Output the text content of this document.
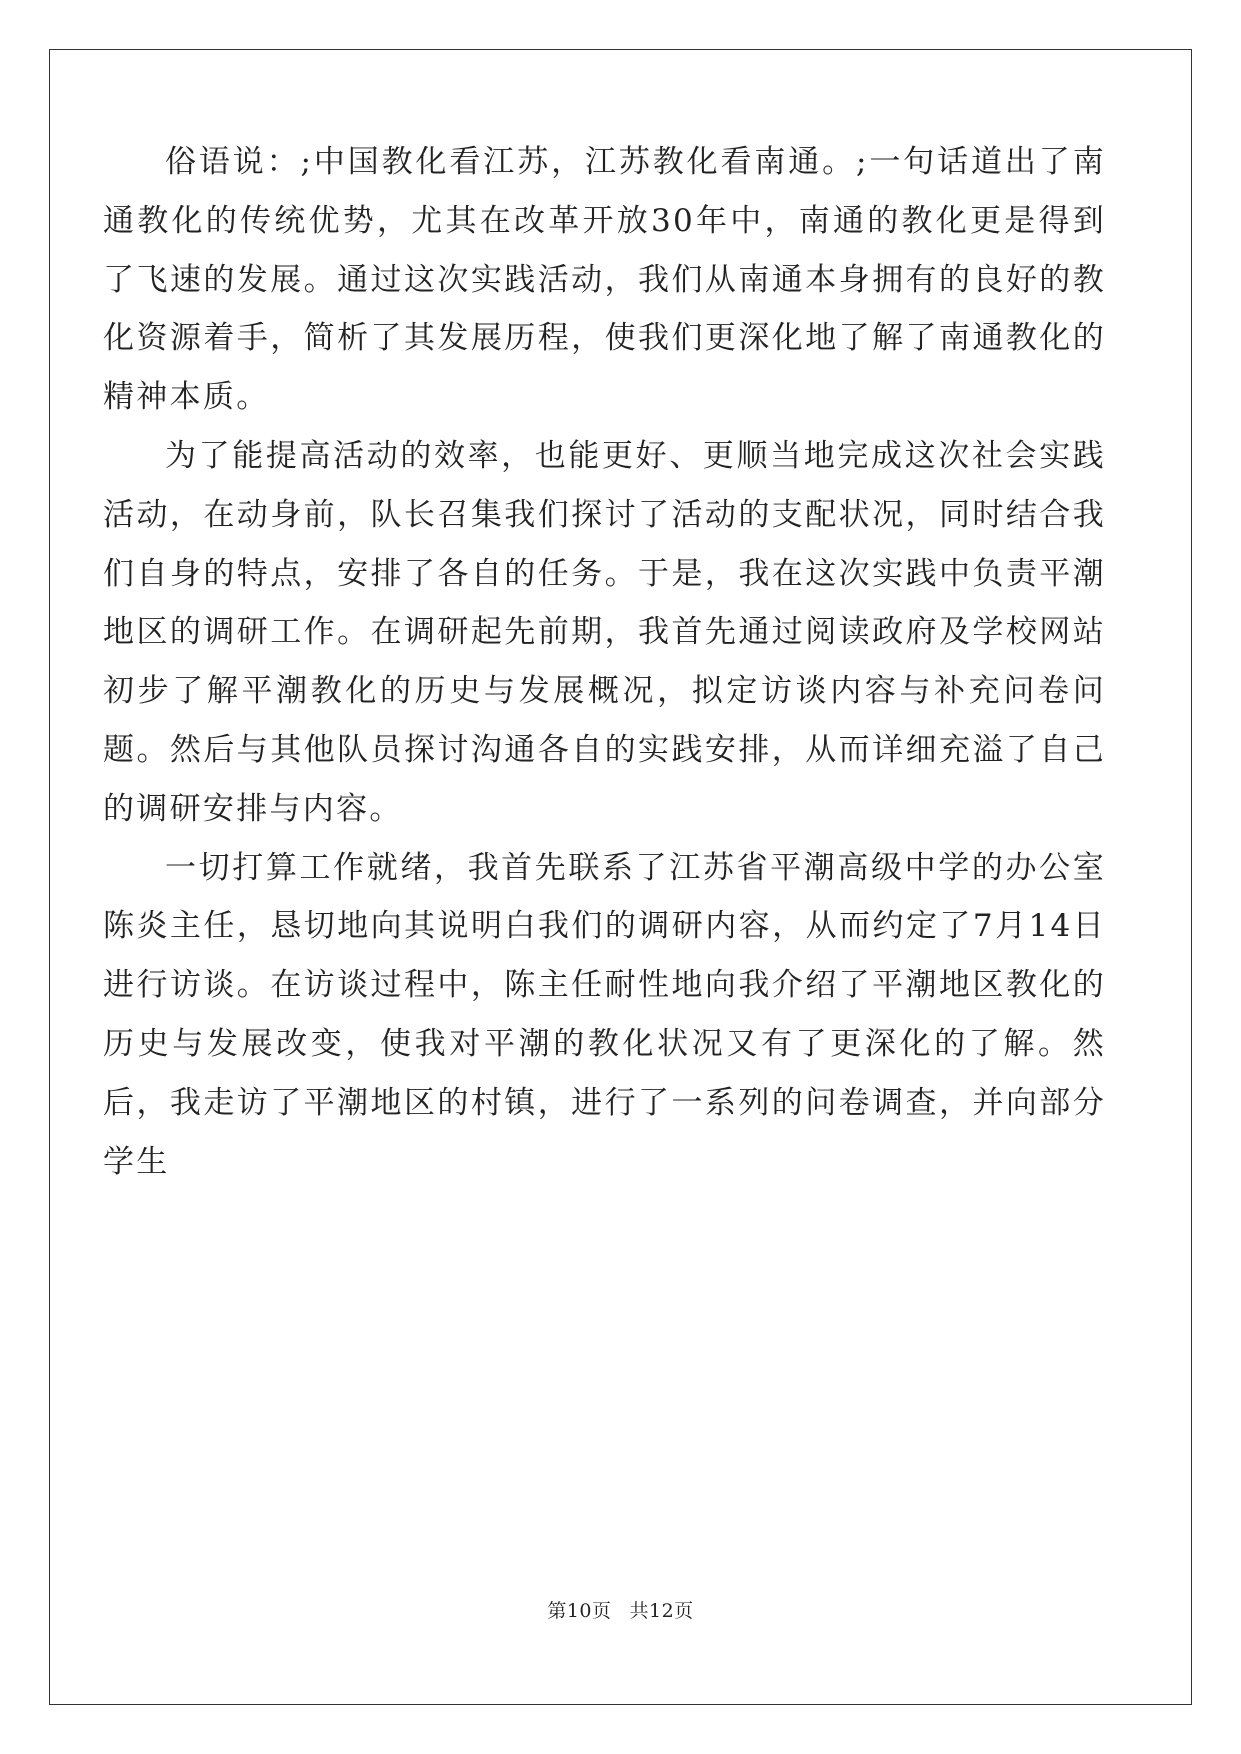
俗语说：;中国教化看江苏，江苏教化看南通。;一句话道出了南通教化的传统优势，尤其在改革开放30年中，南通的教化更是得到了飞速的发展。通过这次实践活动，我们从南通本身拥有的良好的教化资源着手，简析了其发展历程，使我们更深化地了解了南通教化的精神本质。

为了能提高活动的效率，也能更好、更顺当地完成这次社会实践活动，在动身前，队长召集我们探讨了活动的支配状况，同时结合我们自身的特点，安排了各自的任务。于是，我在这次实践中负责平潮地区的调研工作。在调研起先前期，我首先通过阅读政府及学校网站初步了解平潮教化的历史与发展概况，拟定访谈内容与补充问卷问题。然后与其他队员探讨沟通各自的实践安排，从而详细充溢了自己的调研安排与内容。

一切打算工作就绪，我首先联系了江苏省平潮高级中学的办公室陈炎主任，恳切地向其说明白我们的调研内容，从而约定了7月14日进行访谈。在访谈过程中，陈主任耐性地向我介绍了平潮地区教化的历史与发展改变，使我对平潮的教化状况又有了更深化的了解。然后，我走访了平潮地区的村镇，进行了一系列的问卷调查，并向部分学生

第10页 共12页
